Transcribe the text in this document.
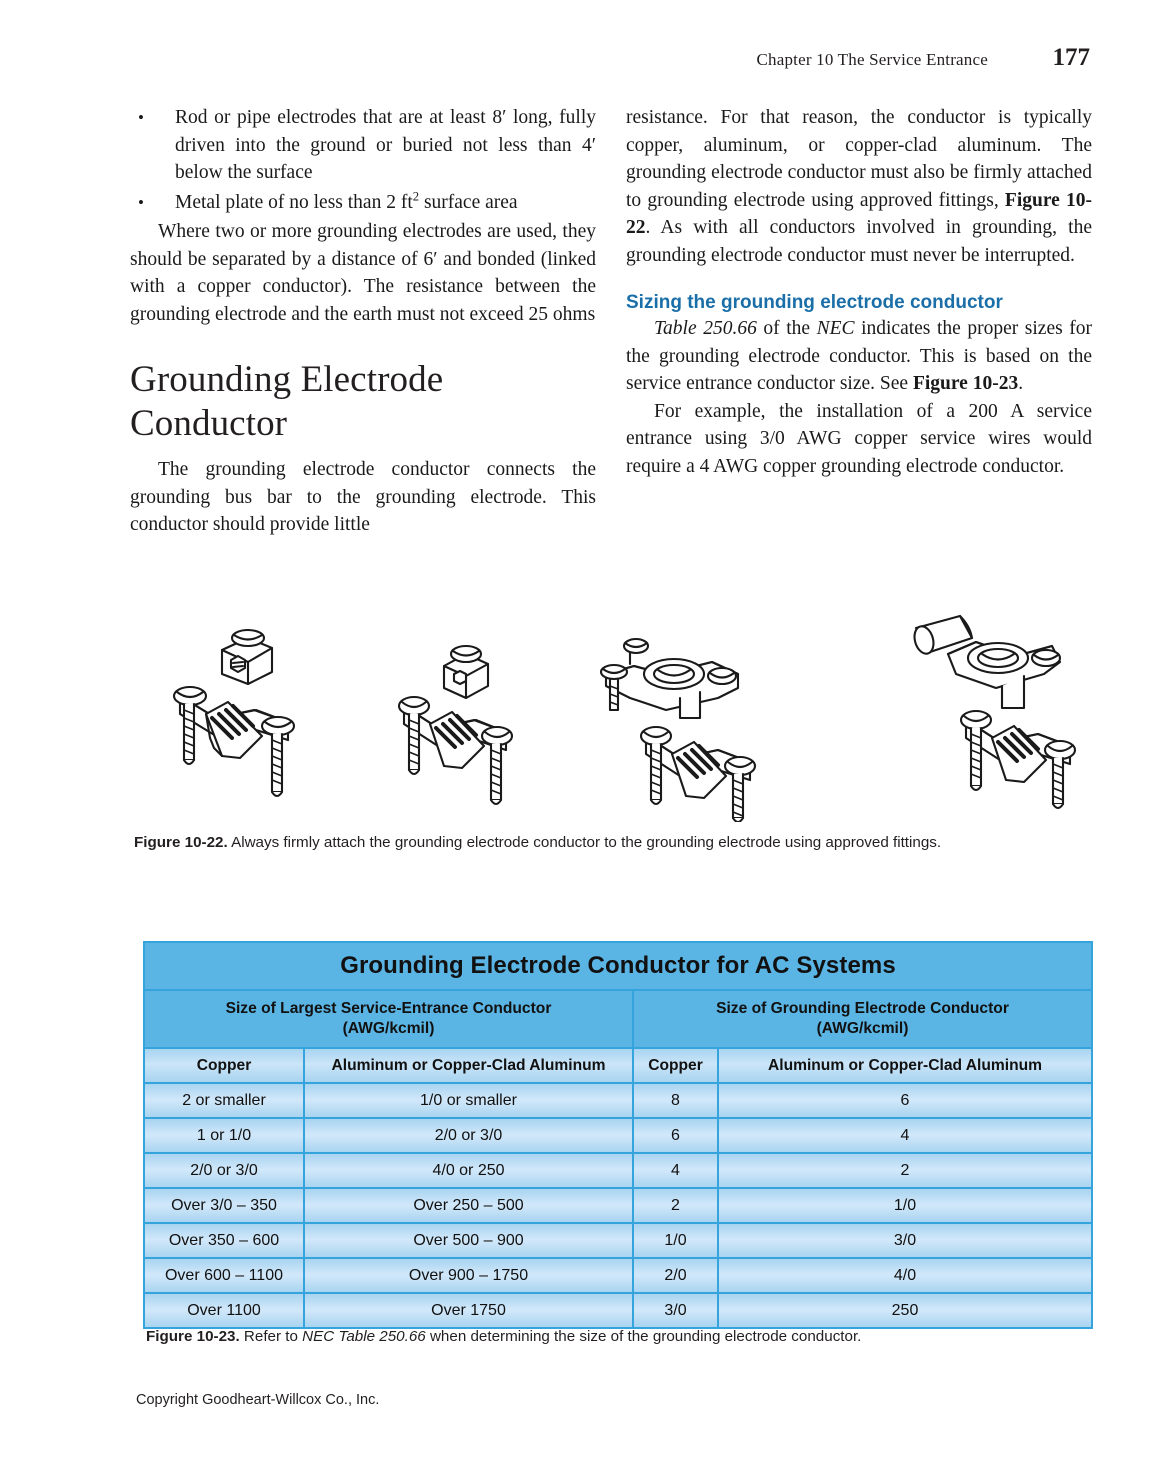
Chapter 10 The Service Entrance	177
• Rod or pipe electrodes that are at least 8′ long, fully driven into the ground or buried not less than 4′ below the surface
• Metal plate of no less than 2 $ft^2$ surface area

Where two or more grounding electrodes are used, they should be separated by a distance of 6′ and bonded (linked with a copper conductor). The resistance between the grounding electrode and the earth must not exceed 25 ohms

Grounding Electrode Conductor

The grounding electrode conductor connects the grounding bus bar to the grounding electrode. This conductor should provide little

resistance. For that reason, the conductor is typically copper, aluminum, or copper-clad aluminum. The grounding electrode conductor must also be firmly attached to grounding electrode using approved fittings, Figure 10-22. As with all conductors involved in grounding, the grounding electrode conductor must never be interrupted.

Sizing the grounding electrode conductor

Table 250.66 of the NEC indicates the proper sizes for the grounding electrode conductor. This is based on the service entrance conductor size. See Figure 10-23.

For example, the installation of a 200 A service entrance using 3/0 AWG copper service wires would require a 4 AWG copper grounding electrode conductor.

Figure 10-22. Always firmly attach the grounding electrode conductor to the grounding electrode using approved fittings.
Grounding Electrode Conductor for AC Systems			

Size of Largest Service-Entrance Conductor
(AWG/kcmil)

Size of Grounding Electrode Conductor
(AWG/kcmil)

Copper	Aluminum or Copper-Clad Aluminum	Copper	Aluminum or Copper-Clad Aluminum
2 or smaller	1/0 or smaller	8	6
1 or 1/0	2/0 or 3/0	6	4
2/0 or 3/0	4/0 or 250	4	2
Over 3/0 – 350	Over 250 – 500	2	1/0
Over 350 – 600	Over 500 – 900	1/0	3/0
Over 600 – 1100	Over 900 – 1750	2/0	4/0
Over 1100	Over 1750	3/0	250
Figure 10-23. Refer to NEC Table 250.66 when determining the size of the grounding electrode conductor.
Copyright Goodheart-Willcox Co., Inc.
